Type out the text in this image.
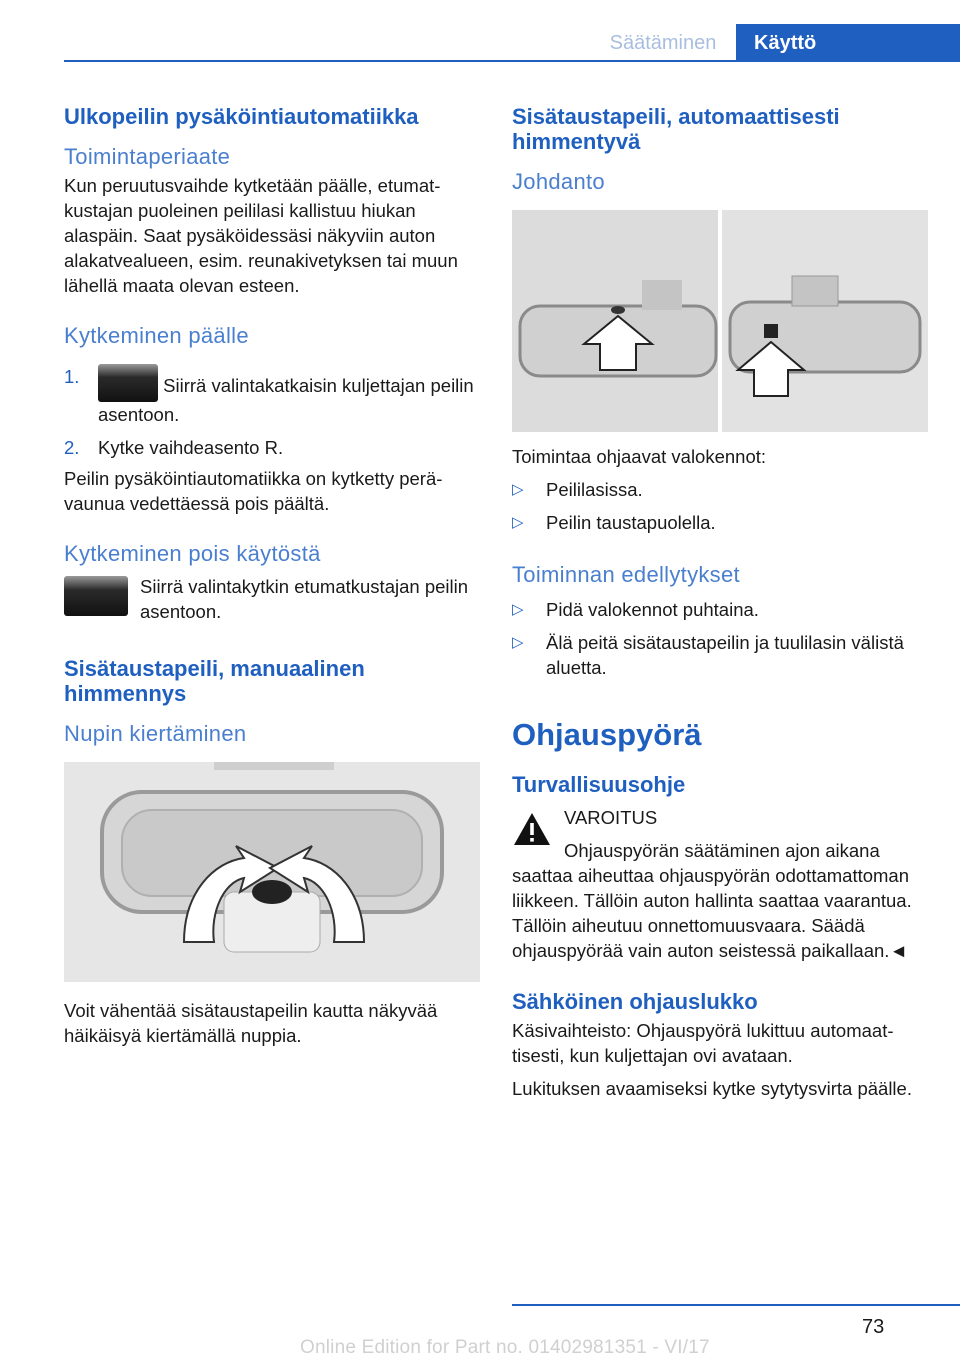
Säätäminen	Käyttö
Ulkopeilin pysäköintiautomatiikka
Toimintaperiaate

Kun peruutusvaihde kytketään päälle, etumatkustajan puoleinen peililasi kallistuu hiukan alaspäin. Saat pysäköidessäsi näkyviin auton alakatvealueen, esim. reunakivetyksen tai muun lähellä maata olevan esteen.

Kytkeminen päälle
1.	Siirrä valintakatkaisin kuljettajan peilin asentoon.
2. Kytke vaihdeasento R.

Peilin pysäköintiautomatiikka on kytketty perävaunua vedettäessä pois päältä.

Kytkeminen pois käytöstä

Siirrä valintakytkin etumatkustajan peilin asentoon.

Sisätaustapeili, manuaalinen himmennys
Nupin kiertäminen

Voit vähentää sisätaustapeilin kautta näkyvää häikäisyä kiertämällä nuppia.

Sisätaustapeili, automaattisesti himmentyvä
Johdanto

Toimintaa ohjaavat valokennot:

▷ Peililasissa.
▷ Peilin taustapuolella.
Toiminnan edellytykset
▷ Pidä valokennot puhtaina.
▷ Älä peitä sisätaustapeilin ja tuulilasin välistä aluetta.
Ohjauspyörä
Turvallisuusohje

VAROITUS

Ohjauspyörän säätäminen ajon aikana saattaa aiheuttaa ohjauspyörän odottamattoman liikkeen. Tällöin auton hallinta saattaa vaarantua. Tällöin aiheutuu onnettomuusvaara. Säädä ohjauspyörää vain auton seistessä paikallaan.◄

Sähköinen ohjauslukko

Käsivaihteisto: Ohjauspyörä lukittuu automaattisesti, kun kuljettajan ovi avataan.

Lukituksen avaamiseksi kytke sytytysvirta päälle.

73
Online Edition for Part no. 01402981351 - VI/17
